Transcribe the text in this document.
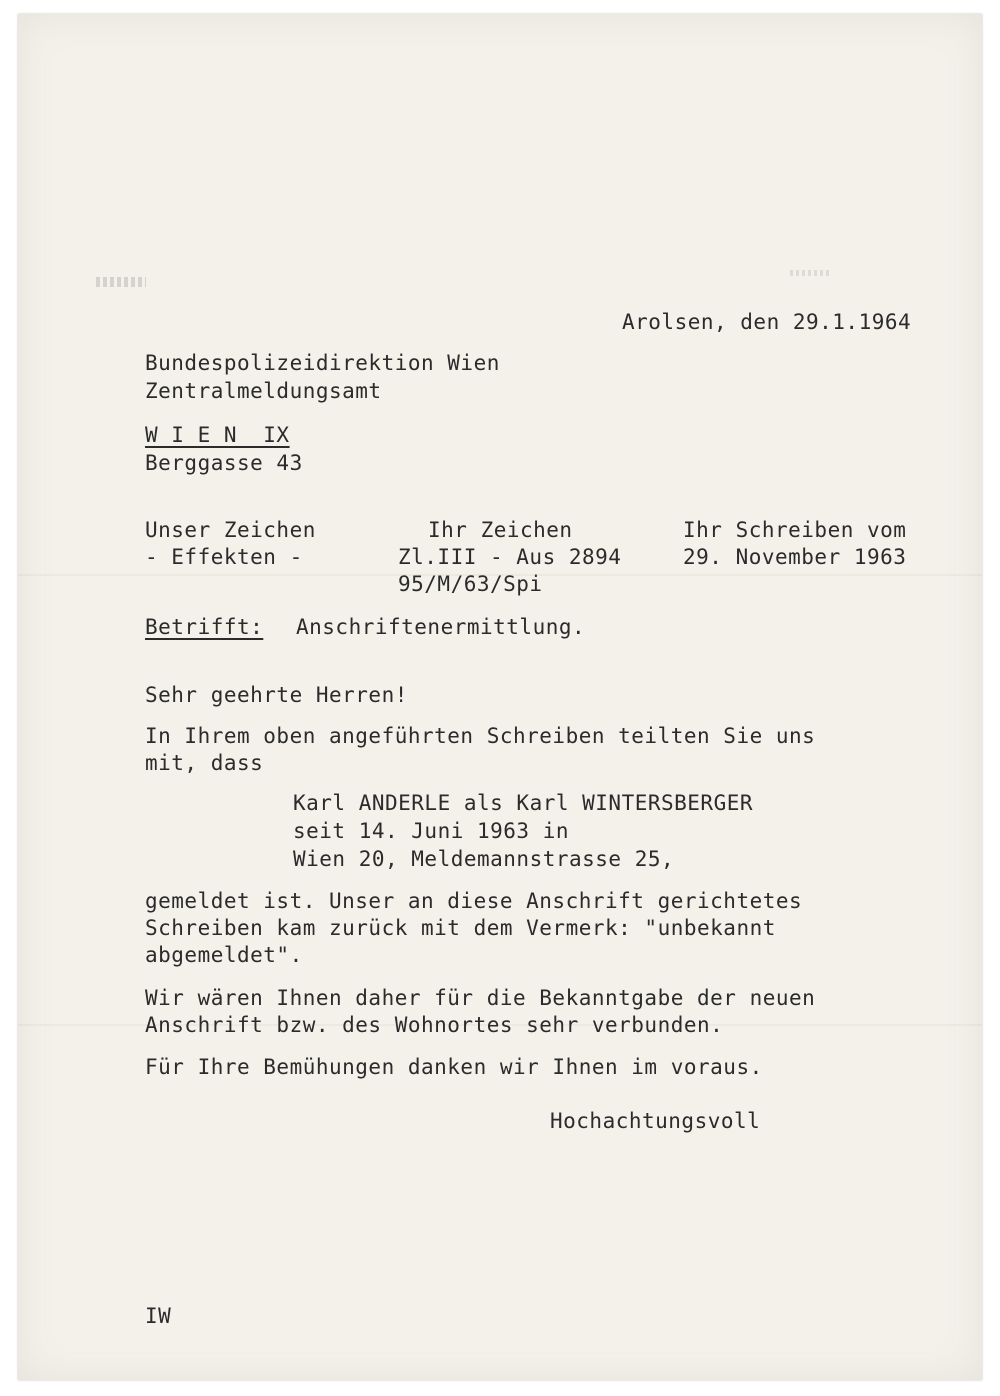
Arolsen, den 29.1.1964
Bundespolizeidirektion Wien
Zentralmeldungsamt
W I E N  IX
Berggasse 43
Unser Zeichen
- Effekten -
Ihr Zeichen
Zl.III - Aus 2894
95/M/63/Spi
Ihr Schreiben vom
29. November 1963
Betrifft: Anschriftenermittlung.
Sehr geehrte Herren!
In Ihrem oben angeführten Schreiben teilten Sie uns
mit, dass
Karl ANDERLE als Karl WINTERSBERGER
seit 14. Juni 1963 in
Wien 20, Meldemannstrasse 25,
gemeldet ist. Unser an diese Anschrift gerichtetes
Schreiben kam zurück mit dem Vermerk: "unbekannt
abgemeldet".
Wir wären Ihnen daher für die Bekanntgabe der neuen
Anschrift bzw. des Wohnortes sehr verbunden.
Für Ihre Bemühungen danken wir Ihnen im voraus.
Hochachtungsvoll
IW
